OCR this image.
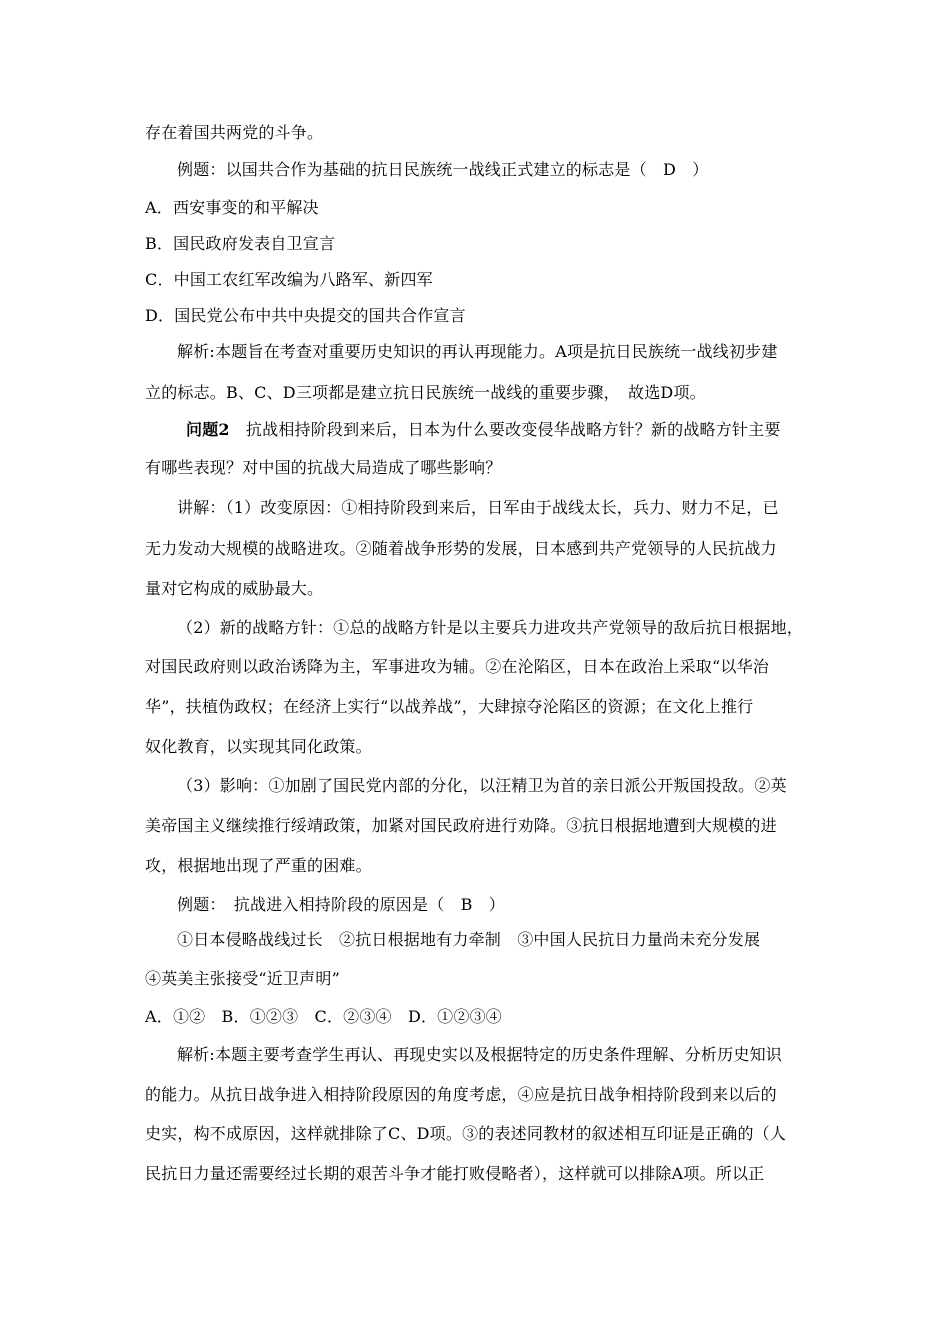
存在着国共两党的斗争。
例题：以国共合作为基础的抗日民族统一战线正式建立的标志是（　D　）
A．西安事变的和平解决
B．国民政府发表自卫宣言
C．中国工农红军改编为八路军、新四军
D．国民党公布中共中央提交的国共合作宣言
解析:本题旨在考查对重要历史知识的再认再现能力。A项是抗日民族统一战线初步建
立的标志。B、C、D三项都是建立抗日民族统一战线的重要步骤，　故选D项。
问题2　抗战相持阶段到来后，日本为什么要改变侵华战略方针？新的战略方针主要
有哪些表现？对中国的抗战大局造成了哪些影响？
讲解：（1）改变原因：①相持阶段到来后，日军由于战线太长，兵力、财力不足，已
无力发动大规模的战略进攻。②随着战争形势的发展，日本感到共产党领导的人民抗战力
量对它构成的威胁最大。
（2）新的战略方针：①总的战略方针是以主要兵力进攻共产党领导的敌后抗日根据地，
对国民政府则以政治诱降为主，军事进攻为辅。②在沦陷区，日本在政治上采取“以华治
华”，扶植伪政权；在经济上实行“以战养战”，大肆掠夺沦陷区的资源；在文化上推行
奴化教育，以实现其同化政策。
（3）影响：①加剧了国民党内部的分化，以汪精卫为首的亲日派公开叛国投敌。②英
美帝国主义继续推行绥靖政策，加紧对国民政府进行劝降。③抗日根据地遭到大规模的进
攻，根据地出现了严重的困难。
例题：　抗战进入相持阶段的原因是（　B　）
①日本侵略战线过长　②抗日根据地有力牵制　③中国人民抗日力量尚未充分发展
④英美主张接受“近卫声明”
A．①②　B．①②③　C．②③④　D．①②③④
解析:本题主要考查学生再认、再现史实以及根据特定的历史条件理解、分析历史知识
的能力。从抗日战争进入相持阶段原因的角度考虑，④应是抗日战争相持阶段到来以后的
史实，构不成原因，这样就排除了C、D项。③的表述同教材的叙述相互印证是正确的（人
民抗日力量还需要经过长期的艰苦斗争才能打败侵略者），这样就可以排除A项。所以正
